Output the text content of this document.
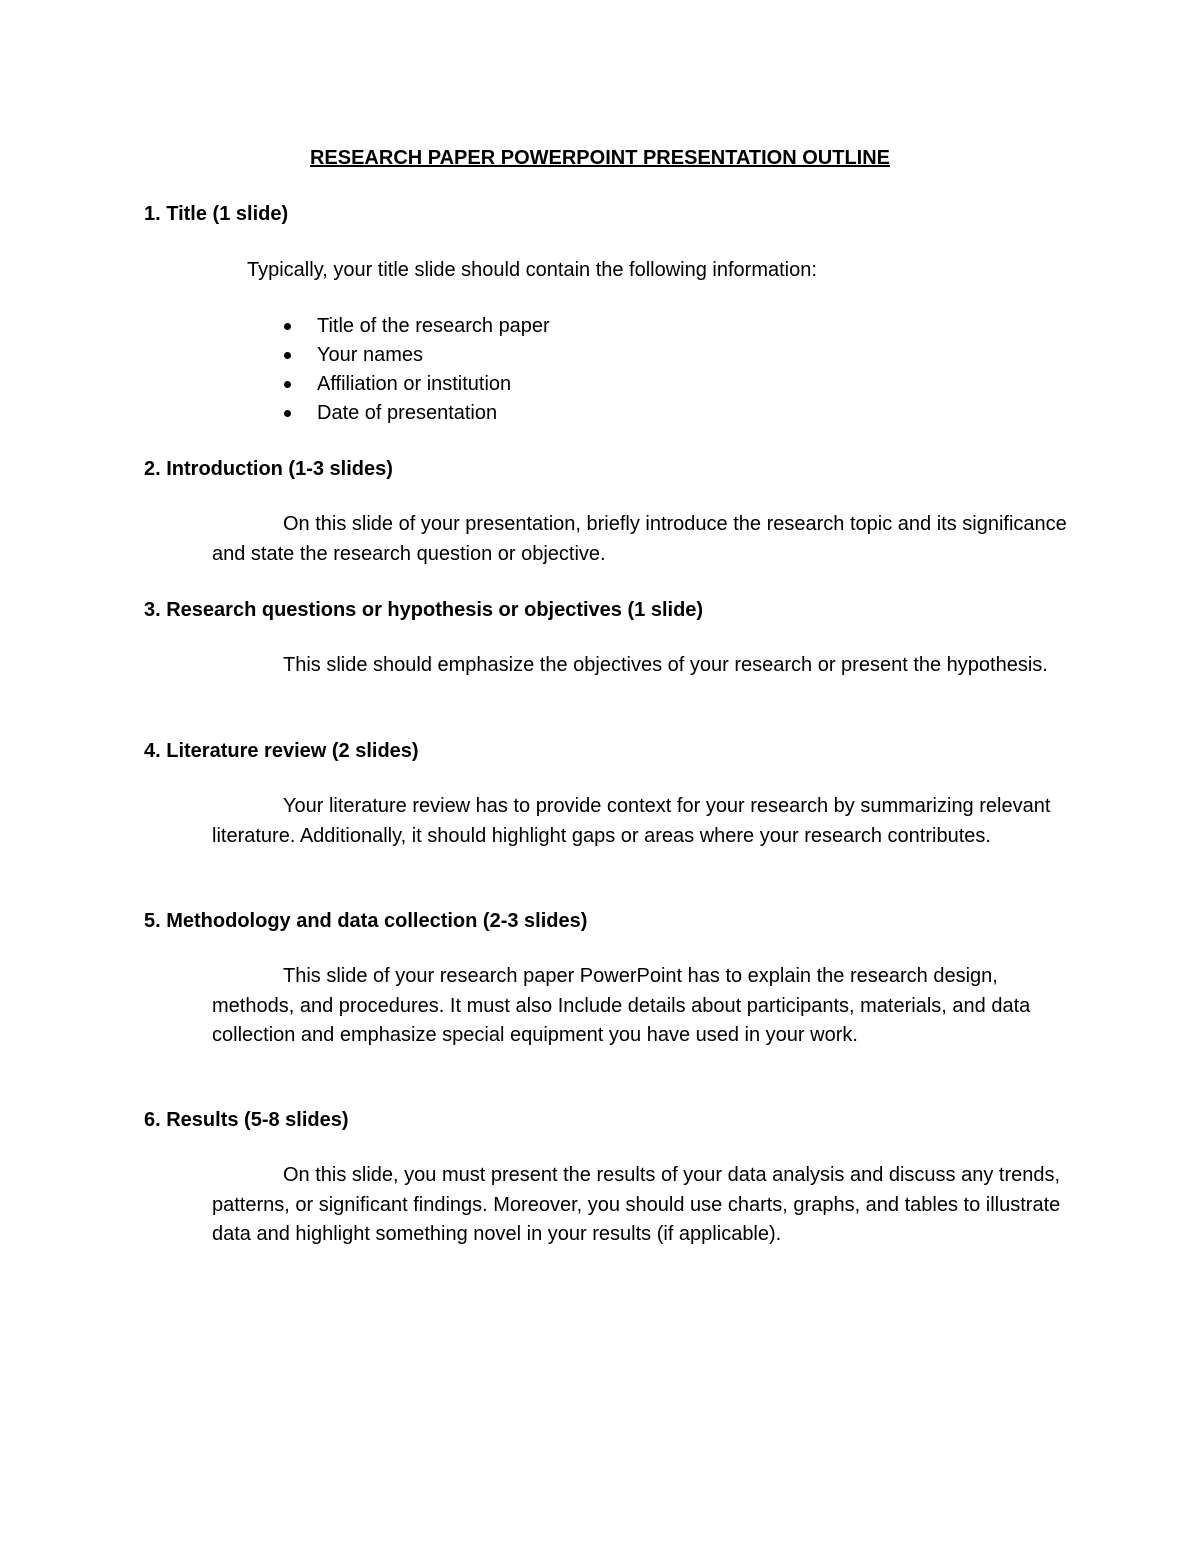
RESEARCH PAPER POWERPOINT PRESENTATION OUTLINE
1. Title (1 slide)
Typically, your title slide should contain the following information:
Title of the research paper
Your names
Affiliation or institution
Date of presentation
2. Introduction (1-3 slides)

On this slide of your presentation, briefly introduce the research topic and its significance and state the research question or objective.

3. Research questions or hypothesis or objectives (1 slide)

This slide should emphasize the objectives of your research or present the hypothesis.

4. Literature review (2 slides)

Your literature review has to provide context for your research by summarizing relevant literature. Additionally, it should highlight gaps or areas where your research contributes.

5. Methodology and data collection (2-3 slides)

This slide of your research paper PowerPoint has to explain the research design, methods, and procedures. It must also Include details about participants, materials, and data collection and emphasize special equipment you have used in your work.

6. Results (5-8 slides)

On this slide, you must present the results of your data analysis and discuss any trends, patterns, or significant findings. Moreover, you should use charts, graphs, and tables to illustrate data and highlight something novel in your results (if applicable).
